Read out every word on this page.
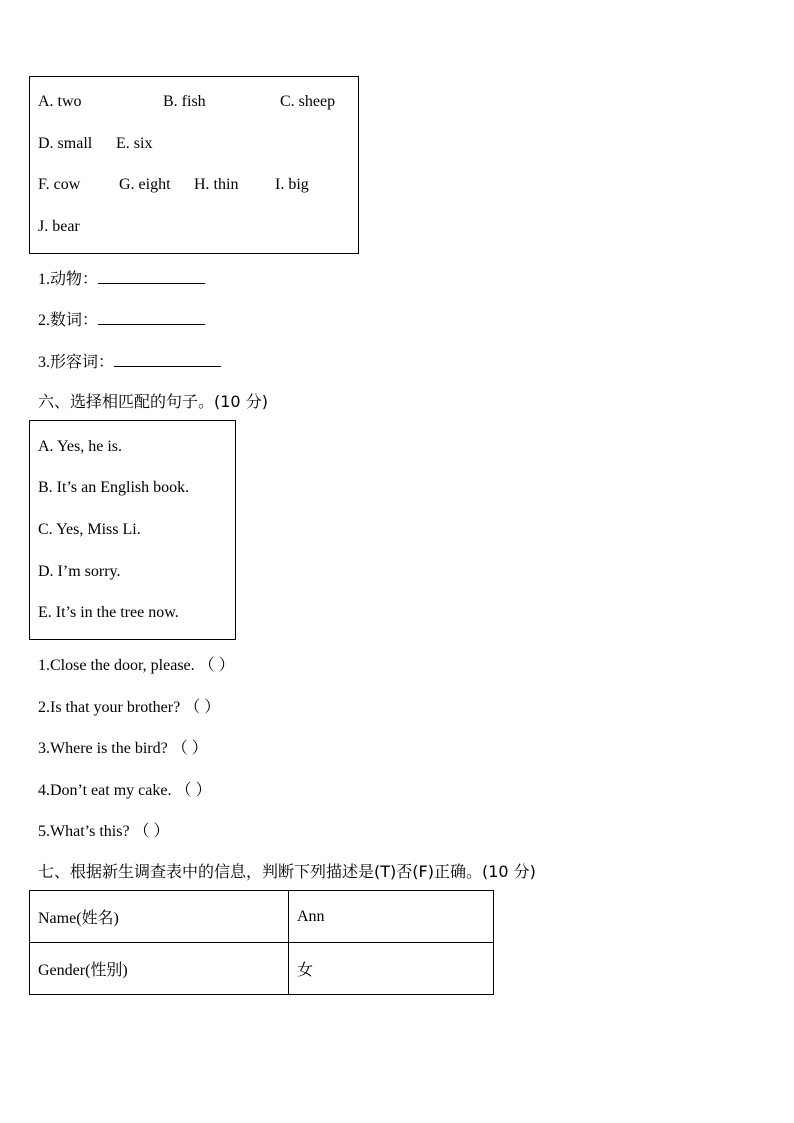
A. two	B. fish	C. sheep
D. small E. six
F. cow G. eight H. thin I. big
J. bear
1.动物：
2.数词：
3.形容词：
六、选择相匹配的句子。(10 分)
A. Yes, he is.
B. It’s an English book.
C. Yes, Miss Li.
D. I’m sorry.
E. It’s in the tree now.
1.Close the door, please. （ ）
2.Is that your brother? （ ）
3.Where is the bird? （ ）
4.Don’t eat my cake. （ ）
5.What’s this? （ ）
七、根据新生调查表中的信息，判断下列描述是(T)否(F)正确。(10 分)
Name(姓名)	Ann
Gender(性别)	女
